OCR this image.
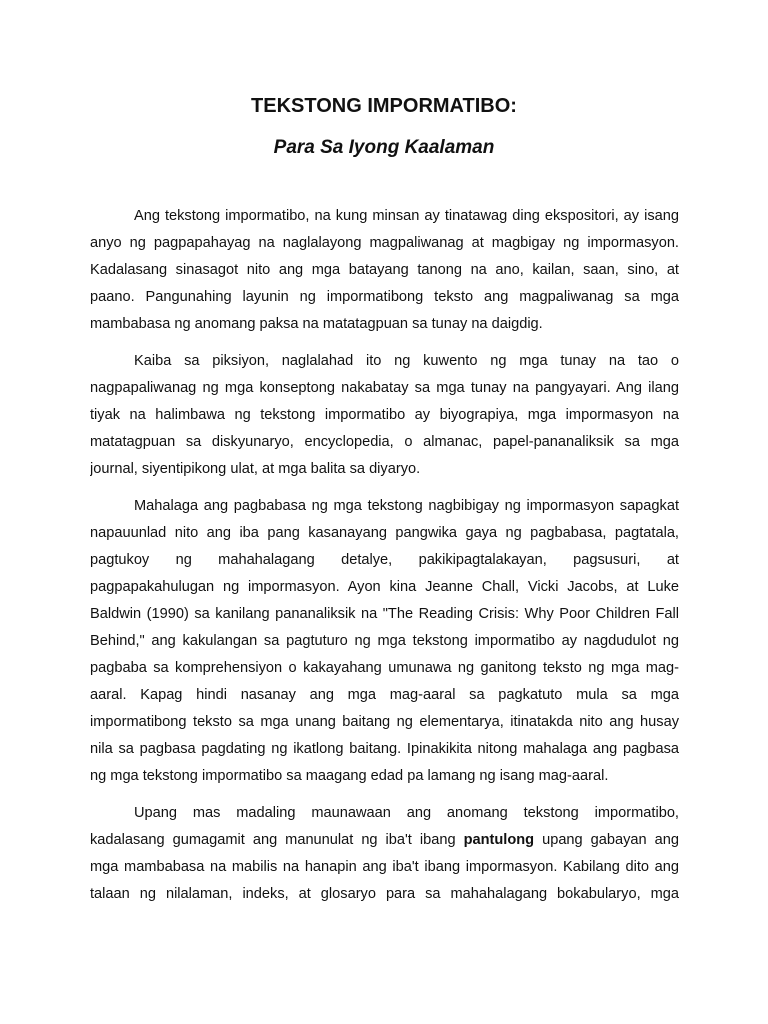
TEKSTONG IMPORMATIBO:
Para Sa Iyong Kaalaman
Ang tekstong impormatibo, na kung minsan ay tinatawag ding ekspositori, ay isang
anyo ng pagpapahayag na naglalayong magpaliwanag at magbigay ng impormasyon.
Kadalasang sinasagot nito ang mga batayang tanong na ano, kailan, saan, sino, at
paano. Pangunahing layunin ng impormatibong teksto ang magpaliwanag sa mga
mambabasa ng anomang paksa na matatagpuan sa tunay na daigdig.
Kaiba sa piksiyon, naglalahad ito ng kuwento ng mga tunay na tao o
nagpapaliwanag ng mga konseptong nakabatay sa mga tunay na pangyayari. Ang ilang
tiyak na halimbawa ng tekstong impormatibo ay biyograpiya, mga impormasyon na
matatagpuan sa diskyunaryo, encyclopedia, o almanac, papel-pananaliksik sa mga
journal, siyentipikong ulat, at mga balita sa diyaryo.
Mahalaga ang pagbabasa ng mga tekstong nagbibigay ng impormasyon sapagkat
napauunlad nito ang iba pang kasanayang pangwika gaya ng pagbabasa, pagtatala,
pagtukoy ng mahahalagang detalye, pakikipagtalakayan, pagsusuri, at
pagpapakahulugan ng impormasyon. Ayon kina Jeanne Chall, Vicki Jacobs, at Luke
Baldwin (1990) sa kanilang pananaliksik na "The Reading Crisis: Why Poor Children Fall
Behind," ang kakulangan sa pagtuturo ng mga tekstong impormatibo ay nagdudulot ng
pagbaba sa komprehensiyon o kakayahang umunawa ng ganitong teksto ng mga mag-
aaral. Kapag hindi nasanay ang mga mag-aaral sa pagkatuto mula sa mga
impormatibong teksto sa mga unang baitang ng elementarya, itinatakda nito ang husay
nila sa pagbasa pagdating ng ikatlong baitang. Ipinakikita nitong mahalaga ang pagbasa
ng mga tekstong impormatibo sa maagang edad pa lamang ng isang mag-aaral.
Upang mas madaling maunawaan ang anomang tekstong impormatibo,
kadalasang gumagamit ang manunulat ng iba't ibang pantulong upang gabayan ang
mga mambabasa na mabilis na hanapin ang iba't ibang impormasyon. Kabilang dito ang
talaan ng nilalaman, indeks, at glosaryo para sa mahahalagang bokabularyo, mga
